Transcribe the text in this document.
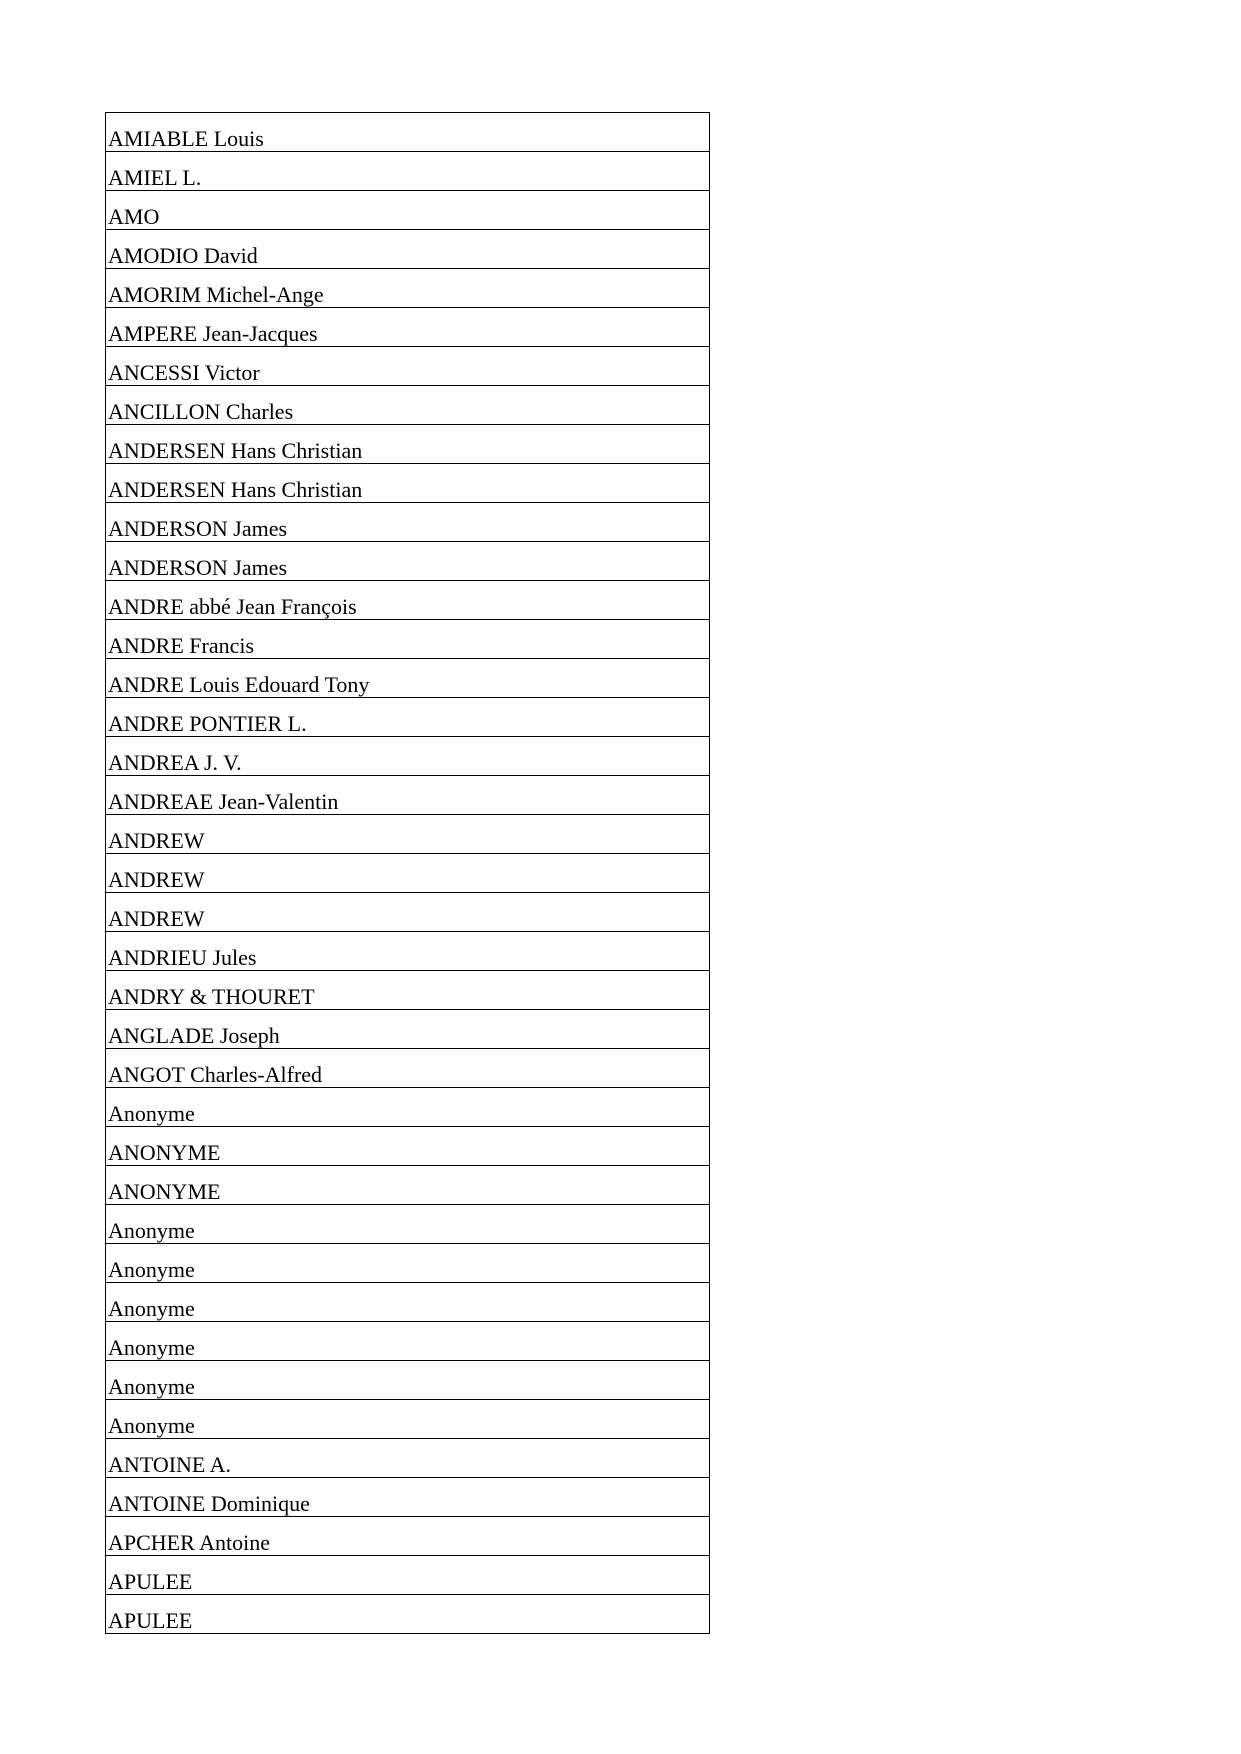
AMIABLE Louis
AMIEL L.
AMO
AMODIO David
AMORIM Michel-Ange
AMPERE Jean-Jacques
ANCESSI Victor
ANCILLON Charles
ANDERSEN Hans Christian
ANDERSEN Hans Christian
ANDERSON James
ANDERSON James
ANDRE abbé Jean François
ANDRE Francis
ANDRE Louis Edouard Tony
ANDRE PONTIER L.
ANDREA J. V.
ANDREAE Jean-Valentin
ANDREW
ANDREW
ANDREW
ANDRIEU Jules
ANDRY & THOURET
ANGLADE Joseph
ANGOT Charles-Alfred
Anonyme
ANONYME
ANONYME
Anonyme
Anonyme
Anonyme
Anonyme
Anonyme
Anonyme
ANTOINE A.
ANTOINE Dominique
APCHER Antoine
APULEE
APULEE
